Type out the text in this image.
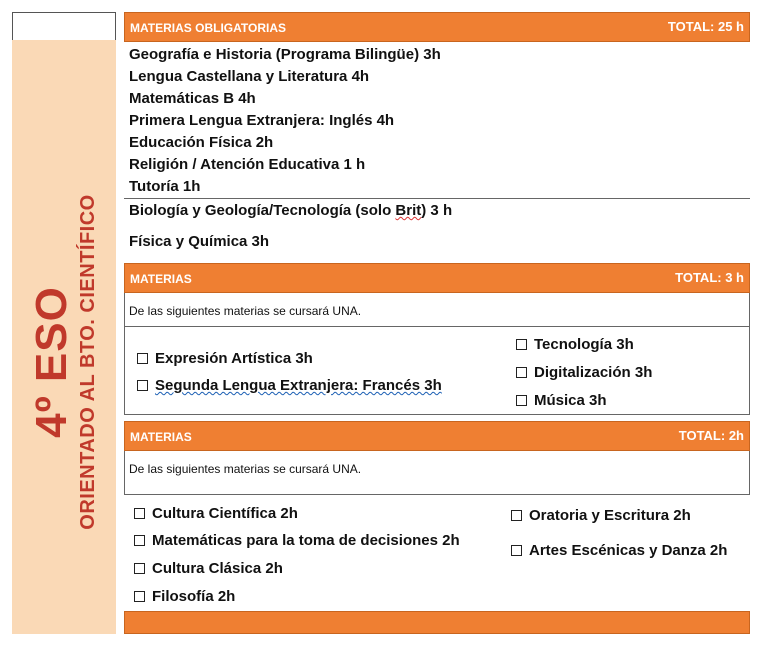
4º ESO ORIENTADO AL BTO. CIENTÍFICO
MATERIAS OBLIGATORIAS	TOTAL: 25 h
Geografía e Historia (Programa Bilingüe) 3h
Lengua Castellana y Literatura 4h
Matemáticas B 4h
Primera Lengua Extranjera: Inglés 4h
Educación Física 2h
Religión / Atención Educativa 1 h
Tutoría 1h
Biología y Geología/Tecnología (solo Brit) 3 h
Física y Química 3h
MATERIAS	TOTAL: 3 h
De las siguientes materias se cursará UNA.
Expresión Artística 3h
Segunda Lengua Extranjera: Francés 3h
Tecnología 3h
Digitalización 3h
Música 3h
MATERIAS	TOTAL: 2h
De las siguientes materias se cursará UNA.
Cultura Científica 2h
Matemáticas para la toma de decisiones 2h
Cultura Clásica 2h
Filosofía 2h
Oratoria y Escritura 2h
Artes Escénicas y Danza 2h
